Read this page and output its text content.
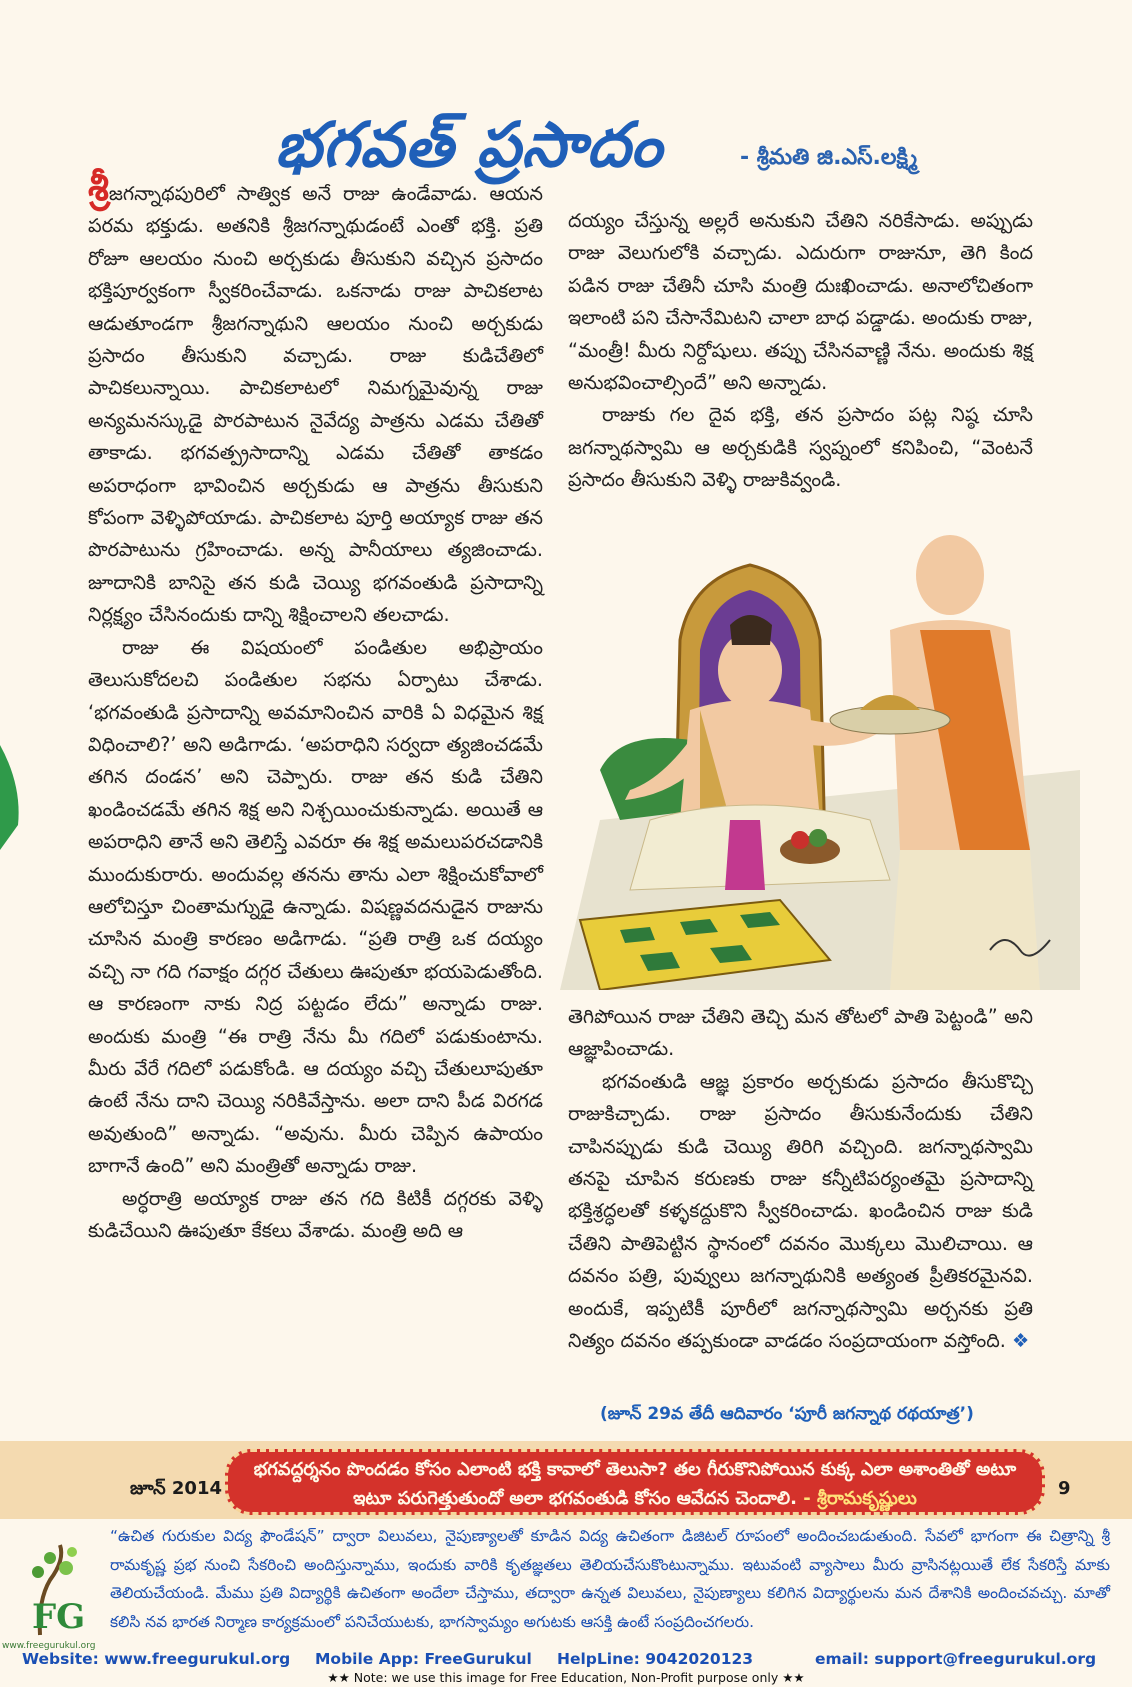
భగవత్ ప్రసాదం	- శ్రీమతి జి.ఎస్.లక్ష్మి

శ్రీజగన్నాథపురిలో సాత్విక అనే రాజు ఉండేవాడు. ఆయన పరమ భక్తుడు. అతనికి శ్రీజగన్నాథుడంటే ఎంతో భక్తి. ప్రతి రోజూ ఆలయం నుంచి అర్చకుడు తీసుకుని వచ్చిన ప్రసాదం భక్తిపూర్వకంగా స్వీకరించేవాడు. ఒకనాడు రాజు పాచికలాట ఆడుతూండగా శ్రీజగన్నాథుని ఆలయం నుంచి అర్చకుడు ప్రసాదం తీసుకుని వచ్చాడు. రాజు కుడిచేతిలో పాచికలున్నాయి. పాచికలాటలో నిమగ్నమైవున్న రాజు అన్యమనస్కుడై పొరపాటున నైవేద్య పాత్రను ఎడమ చేతితో తాకాడు. భగవత్ప్రసాదాన్ని ఎడమ చేతితో తాకడం అపరాధంగా భావించిన అర్చకుడు ఆ పాత్రను తీసుకుని కోపంగా వెళ్ళిపోయాడు. పాచికలాట పూర్తి అయ్యాక రాజు తన పొరపాటును గ్రహించాడు. అన్న పానీయాలు త్యజించాడు. జూదానికి బానిసై తన కుడి చెయ్యి భగవంతుడి ప్రసాదాన్ని నిర్లక్ష్యం చేసినందుకు దాన్ని శిక్షించాలని తలచాడు.

రాజు ఈ విషయంలో పండితుల అభిప్రాయం తెలుసుకోదలచి పండితుల సభను ఏర్పాటు చేశాడు. ‘భగవంతుడి ప్రసాదాన్ని అవమానించిన వారికి ఏ విధమైన శిక్ష విధించాలి?’ అని అడిగాడు. ‘అపరాధిని సర్వదా త్యజించడమే తగిన దండన’ అని చెప్పారు. రాజు తన కుడి చేతిని ఖండించడమే తగిన శిక్ష అని నిశ్చయించుకున్నాడు. అయితే ఆ అపరాధిని తానే అని తెలిస్తే ఎవరూ ఈ శిక్ష అమలుపరచడానికి ముందుకురారు. అందువల్ల తనను తాను ఎలా శిక్షించుకోవాలో ఆలోచిస్తూ చింతామగ్నుడై ఉన్నాడు. విషణ్ణవదనుడైన రాజును చూసిన మంత్రి కారణం అడిగాడు. “ప్రతి రాత్రి ఒక దయ్యం వచ్చి నా గది గవాక్షం దగ్గర చేతులు ఊపుతూ భయపెడుతోంది. ఆ కారణంగా నాకు నిద్ర పట్టడం లేదు” అన్నాడు రాజు. అందుకు మంత్రి “ఈ రాత్రి నేను మీ గదిలో పడుకుంటాను. మీరు వేరే గదిలో పడుకోండి. ఆ దయ్యం వచ్చి చేతులూపుతూ ఉంటే నేను దాని చెయ్యి నరికివేస్తాను. అలా దాని పీడ విరగడ అవుతుంది” అన్నాడు. “అవును. మీరు చెప్పిన ఉపాయం బాగానే ఉంది” అని మంత్రితో అన్నాడు రాజు.

అర్ధరాత్రి అయ్యాక రాజు తన గది కిటికీ దగ్గరకు వెళ్ళి కుడిచేయిని ఊపుతూ కేకలు వేశాడు. మంత్రి అది ఆ

దయ్యం చేస్తున్న అల్లరే అనుకుని చేతిని నరికేసాడు. అప్పుడు రాజు వెలుగులోకి వచ్చాడు. ఎదురుగా రాజునూ, తెగి కింద పడిన రాజు చేతినీ చూసి మంత్రి దుఃఖించాడు. అనాలోచితంగా ఇలాంటి పని చేసానేమిటని చాలా బాధ పడ్డాడు. అందుకు రాజు, “మంత్రీ! మీరు నిర్దోషులు. తప్పు చేసినవాణ్ణి నేను. అందుకు శిక్ష అనుభవించాల్సిందే” అని అన్నాడు.

రాజుకు గల దైవ భక్తి, తన ప్రసాదం పట్ల నిష్ఠ చూసి జగన్నాథస్వామి ఆ అర్చకుడికి స్వప్నంలో కనిపించి, “వెంటనే ప్రసాదం తీసుకుని వెళ్ళి రాజుకివ్వండి.

తెగిపోయిన రాజు చేతిని తెచ్చి మన తోటలో పాతి పెట్టండి” అని ఆజ్ఞాపించాడు.

భగవంతుడి ఆజ్ఞ ప్రకారం అర్చకుడు ప్రసాదం తీసుకొచ్చి రాజుకిచ్చాడు. రాజు ప్రసాదం తీసుకునేందుకు చేతిని చాపినప్పుడు కుడి చెయ్యి తిరిగి వచ్చింది. జగన్నాథస్వామి తనపై చూపిన కరుణకు రాజు కన్నీటిపర్యంతమై ప్రసాదాన్ని భక్తిశ్రద్ధలతో కళ్ళకద్దుకొని స్వీకరించాడు. ఖండించిన రాజు కుడి చేతిని పాతిపెట్టిన స్థానంలో దవనం మొక్కలు మొలిచాయి. ఆ దవనం పత్రి, పువ్వులు జగన్నాథునికి అత్యంత ప్రీతికరమైనవి. అందుకే, ఇప్పటికీ పూరీలో జగన్నాథస్వామి అర్చనకు ప్రతి నిత్యం దవనం తప్పకుండా వాడడం సంప్రదాయంగా వస్తోంది. ❖

(జూన్ 29వ తేదీ ఆదివారం ‘పూరీ జగన్నాథ రథయాత్ర’)
జూన్ 2014
భగవద్దర్శనం పొందడం కోసం ఎలాంటి భక్తి కావాలో తెలుసా? తల గీరుకొనిపోయిన కుక్క ఎలా అశాంతితో అటూ ఇటూ పరుగెత్తుతుందో అలా భగవంతుడి కోసం ఆవేదన చెందాలి. - శ్రీరామకృష్ణులు	9
FG
www.freegurukul.org
“ఉచిత గురుకుల విద్య ఫౌండేషన్” ద్వారా విలువలు, నైపుణ్యాలతో కూడిన విద్య ఉచితంగా డిజిటల్ రూపంలో అందించబడుతుంది. సేవలో భాగంగా ఈ చిత్రాన్ని శ్రీ రామకృష్ణ ప్రభ నుంచి సేకరించి అందిస్తున్నాము, ఇందుకు వారికి కృతజ్ఞతలు తెలియచేసుకొంటున్నాము. ఇటువంటి వ్యాసాలు మీరు వ్రాసినట్లయితే లేక సేకరిస్తే మాకు తెలియచేయండి. మేము ప్రతి విద్యార్థికి ఉచితంగా అందేలా చేస్తాము, తద్వారా ఉన్నత విలువలు, నైపుణ్యాలు కలిగిన విద్యార్థులను మన దేశానికి అందించవచ్చు. మాతో కలిసి నవ భారత నిర్మాణ కార్యక్రమంలో పనిచేయుటకు, భాగస్వామ్యం అగుటకు ఆసక్తి ఉంటే సంప్రదించగలరు.
Website: www.freegurukul.org Mobile App: FreeGurukul HelpLine: 9042020123	email: support@freegurukul.org
★★ Note: we use this image for Free Education, Non-Profit purpose only ★★
